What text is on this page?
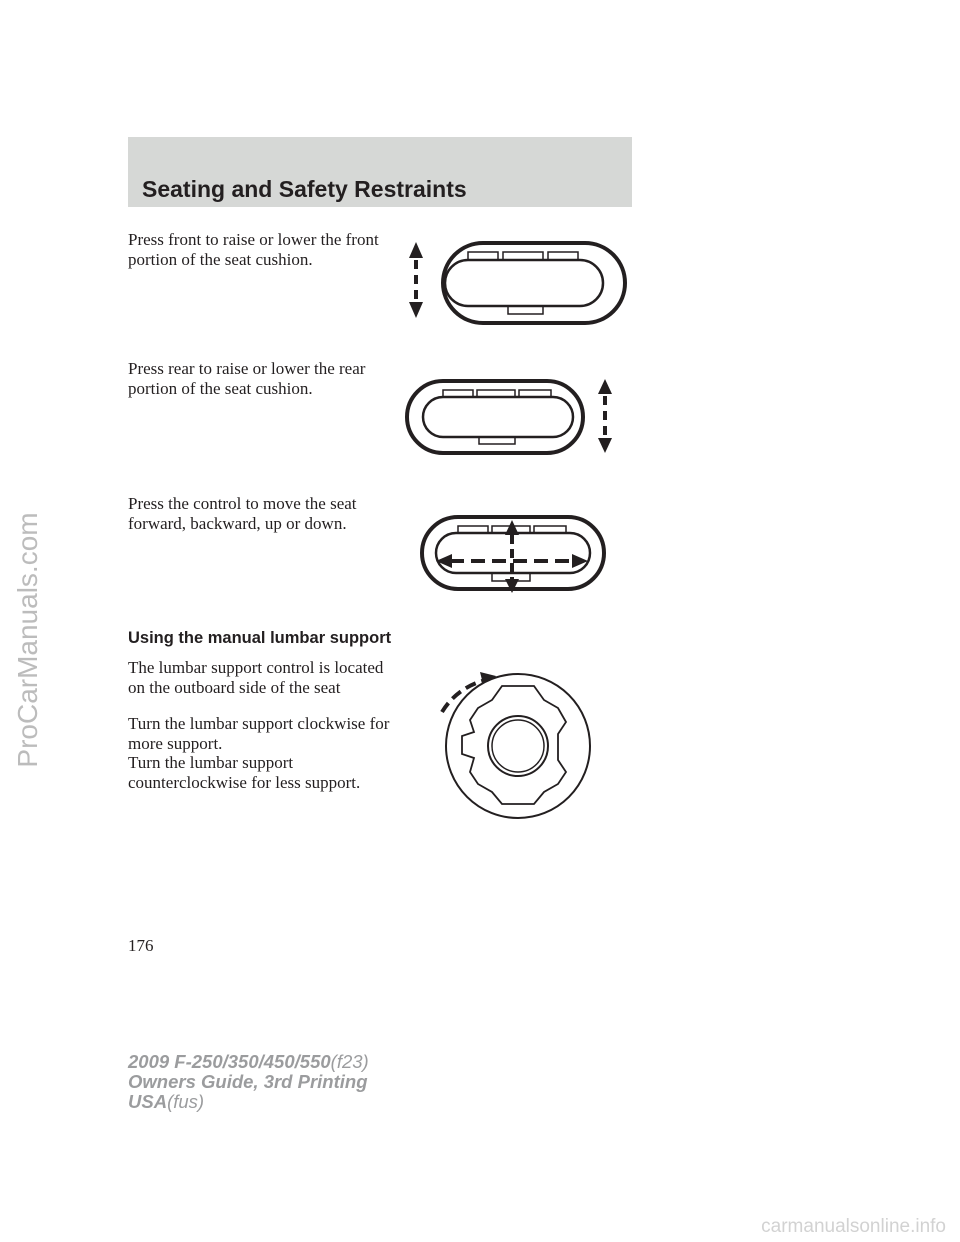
Seating and Safety Restraints
Press front to raise or lower the front portion of the seat cushion.
Press rear to raise or lower the rear portion of the seat cushion.
Press the control to move the seat forward, backward, up or down.
Using the manual lumbar support
The lumbar support control is located on the outboard side of the seat
Turn the lumbar support clockwise for more support.
Turn the lumbar support counterclockwise for less support.
176
2009 F-250/350/450/550(f23)
Owners Guide, 3rd Printing
USA(fus)
ProCarManuals.com
carmanualsonline.info
